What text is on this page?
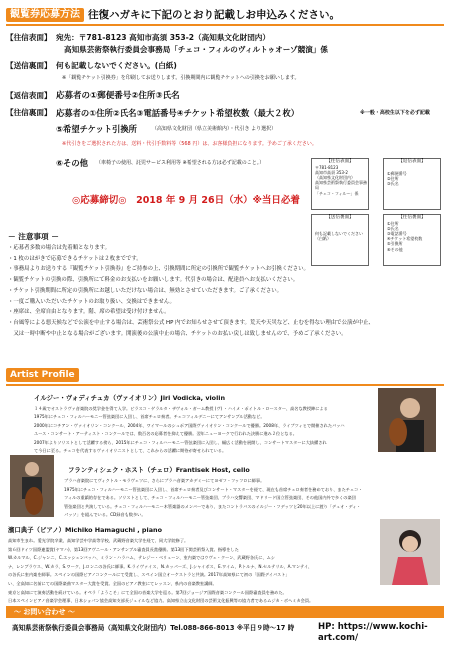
観覧券応募方法 往復ハガキに下記のとおり記載しお申込みください。
【往信表面】 宛先：〒781-8123 高知市高須 353-2（高知県文化財団内）
高知県芸術祭執行委員会事務局「チェコ・フィルのヴィルトゥオーゾ競演」係
【送信裏面】 何も記載しないでください。(白紙)
※「観覧チケット引換券」を印刷してお送りします。引換期間内に観覧チケットへの引換をお願いします。
【返信表面】 応募者の①郵便番号②住所③氏名
【往信裏面】 応募者の①住所②氏名③電話番号④チケット希望枚数（最大２枚）	※一般・高校生以下を必ず記載
⑤希望チケット引換所	（高知県文化財団（県立美術館内）・代引き より選択）
※代引きをご選択された方は、送料・代引手数料等（568 円）は、お客様負担になります。予めご了承ください。
⑥その他 （車椅子の使用、託児サービス利用等 ※希望される方は必ず記載のこと。）	【往信表面】
〒781-8123
高知市高須 353-2
（高知県文化財団内）
高知県芸術祭執行委員会事務局
「チェコ・フィル～」係
【返信表面】
①郵便番号
②住所
③氏名
【送信裏面】
何も記載しないでください
（白紙）
【往信裏面】
①住所
②氏名
③電話番号
④チケット希望枚数
⑤引換所
⑥その他
◎応募締切◎　2018 年 9 月 26日（水）※当日必着
－ 注意事項 －
・応募者多数の場合は先着順となります。
・1 枚のはがきで応募できるチケットは２枚までです。
・事務局よりお送りする『観覧チケット引換券』をご持参の上、引換期間に所定の引換所で観覧チケットへお引換ください。
・観覧チケットの引換の際、引換所にて料金のお支払いをお願いします。代引きの場合は、配達員へお支払いください。
・チケット引換期間に所定の引換所にお越しいただけない場合は、無効とさせていただきます。ご了承ください。
・一度ご購入いただいたチケットのお取り扱い、交換はできません。
・座席は、全席自由となります。階、席の希望は受け付けません。
・台風等による悪天候などで公演を中止する場合は、芸術祭公式 HP 内でお知らせさせて頂きます。荒天や天災など、止むを得ない理由で公演が中止、
　又は一時中断や中止となる場合がございます。開演後の公演中止の場合、チケットのお払い戻しは致しませんので、予めご了承ください。
Artist Profile
イルジー・ヴォディチュカ（ヴァイオリン）Jiri Vodicka, violin
１４歳でオストラヴァ音楽院の奨学金を得て入学。ピラスコ・ゲラルタ・ザヴォル・ガーム教授 (ヴ) ・ハイメ・ポイトル・ロースター、高名な教授陣による
1975年にチェコ・フィルハーモニー管弦楽団に入団し、首席チェロ奏者。チェコフィルデニーにてアンサンブル活動など。
2000年にコチアン・ヴァイオリン・コンクール、2004年、ワイマールのシュポア国際ヴァイオリン・コンクールで優勝。2008年、ライプツィヒで開催されたバッハ
ユース・コンサート・アーティスト・コンクールでは、数百名の応募者を抑えて優勝。翌年ニューヨークで行われた決勝に進み２位となる。
2007年よりソリストとして活躍する傍ら、2015年にチェコ・フィルハーモニー管弦楽団に入団し、幅広く活動を展開し、コンサートマスターに大抜擢され
て今日に至る。チェコを代表するヴァイオリニストとして、これからの活躍に期待が寄せられている。
フランティシェク・ホスト（チェロ）Frantisek Host, cello
プラハ音楽院にてヴィクトル・モラヴェツに、さらにプラハ音楽アカデミーにてヨゼフ・フッフロに師事。
1975年にチェコ・フィルハーモニー管弦楽団に入団し、首席チェロ奏者及びコンサート・マスターを経て、現在も首席チェロ奏者を務めており、またチェコ・
フィルの重鎮的存在である。ソリストとして、チェコ・フィルハーモニー管弦楽団、プラハ交響楽団、マドリード国立管弦楽団、その他国内外で多くの楽団
管弦楽団と共演している。チェコ・フィルハーモニー木管楽器のメンバーであり、またコントラバスのイルジー・フデッツと20年以上に渡り「デュオ・ディ・
パッソ」を組んでいる。CD録音も数多い。
濱口典子（ピアノ）Michiko Hamaguchi , piano
高知市生まれ。愛光学院卒業、高知学芸中学高等学校、武蔵野音楽大学を経て、同大学院修了。
第６回ドイツ国際連盟賞(ヤマハ)、第13回アヴニール・アンサンブル審査員長賞優勝。第13回下関芸術祭入賞。指導をした
W.カルマル、C.ジャンニ、C.エッシェンバッハ、ミラン・ハラハム、テレジー・ベリューン、室内楽ではウヴェ・クーン、武蔵野各氏に、ムシ
ナ、レンブラウス、W.カラ、S.ワーク、J.ロンニの各氏に師事。K.ライヴァイス、N.カッパーズ、J.シャイボス、E.ワイム、P.トルナ、N.セルテリル、A.マンテイ、
の各氏に室内楽を師事。スペインの国際ピアノコンクールにて受賞し、スペイン国立オーケストラと共演。2017年高知県にて初の「国際デイバスト」
い、全高知に名前にての国際楽曲マスター大賞を受賞。全国のピアノ教室にてレッスン、県内の音楽教室講師。
東京と高知にて演奏活動を続けている。オペラ「ようこそ」にて全国の音楽大学を巡る。第7回ジョージア国際音楽コンクール国際審査員を務めた。
日本スペインピアノ音楽学会理事、日本ショパン協会高知支部長ジュイルなど協力。高知県立山文化財団の芸術文化振興等の協力者であるムジカ・ボヘミカ会員。
～ お問い合わせ ～
高知県芸術祭執行委員会事務局（高知県文化財団内）Tel.088-866-8013 ※平日９時～17 時	HP: https://www.kochi-art.com/
